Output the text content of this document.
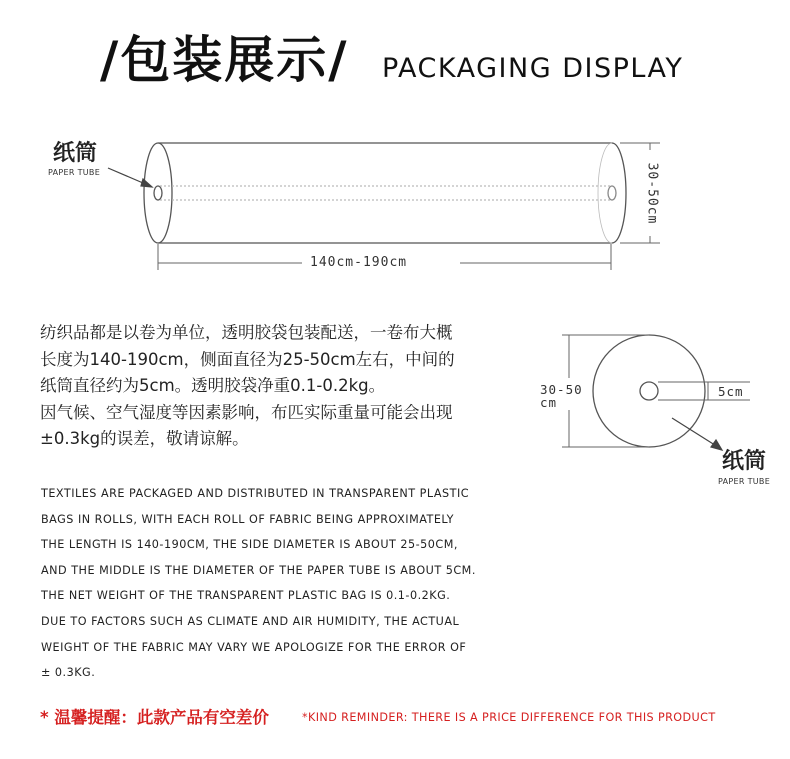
/包装展示/ PACKAGING DISPLAY
纸筒
PAPER TUBE
140cm-190cm
30-50cm
30-50
cm
5cm
纸筒
PAPER TUBE

纺织品都是以卷为单位，透明胶袋包装配送，一卷布大概

长度为140-190cm，侧面直径为25-50cm左右，中间的

纸筒直径约为5cm。透明胶袋净重0.1-0.2kg。

因气候、空气湿度等因素影响，布匹实际重量可能会出现

±0.3kg的误差，敬请谅解。

TEXTILES ARE PACKAGED AND DISTRIBUTED IN TRANSPARENT PLASTIC

BAGS IN ROLLS, WITH EACH ROLL OF FABRIC BEING APPROXIMATELY

THE LENGTH IS 140-190CM, THE SIDE DIAMETER IS ABOUT 25-50CM,

AND THE MIDDLE IS THE DIAMETER OF THE PAPER TUBE IS ABOUT 5CM.

THE NET WEIGHT OF THE TRANSPARENT PLASTIC BAG IS 0.1-0.2KG.

DUE TO FACTORS SUCH AS CLIMATE AND AIR HUMIDITY, THE ACTUAL

WEIGHT OF THE FABRIC MAY VARY WE APOLOGIZE FOR THE ERROR OF

± 0.3KG.

* 温馨提醒：此款产品有空差价	*KIND REMINDER: THERE IS A PRICE DIFFERENCE FOR THIS PRODUCT
